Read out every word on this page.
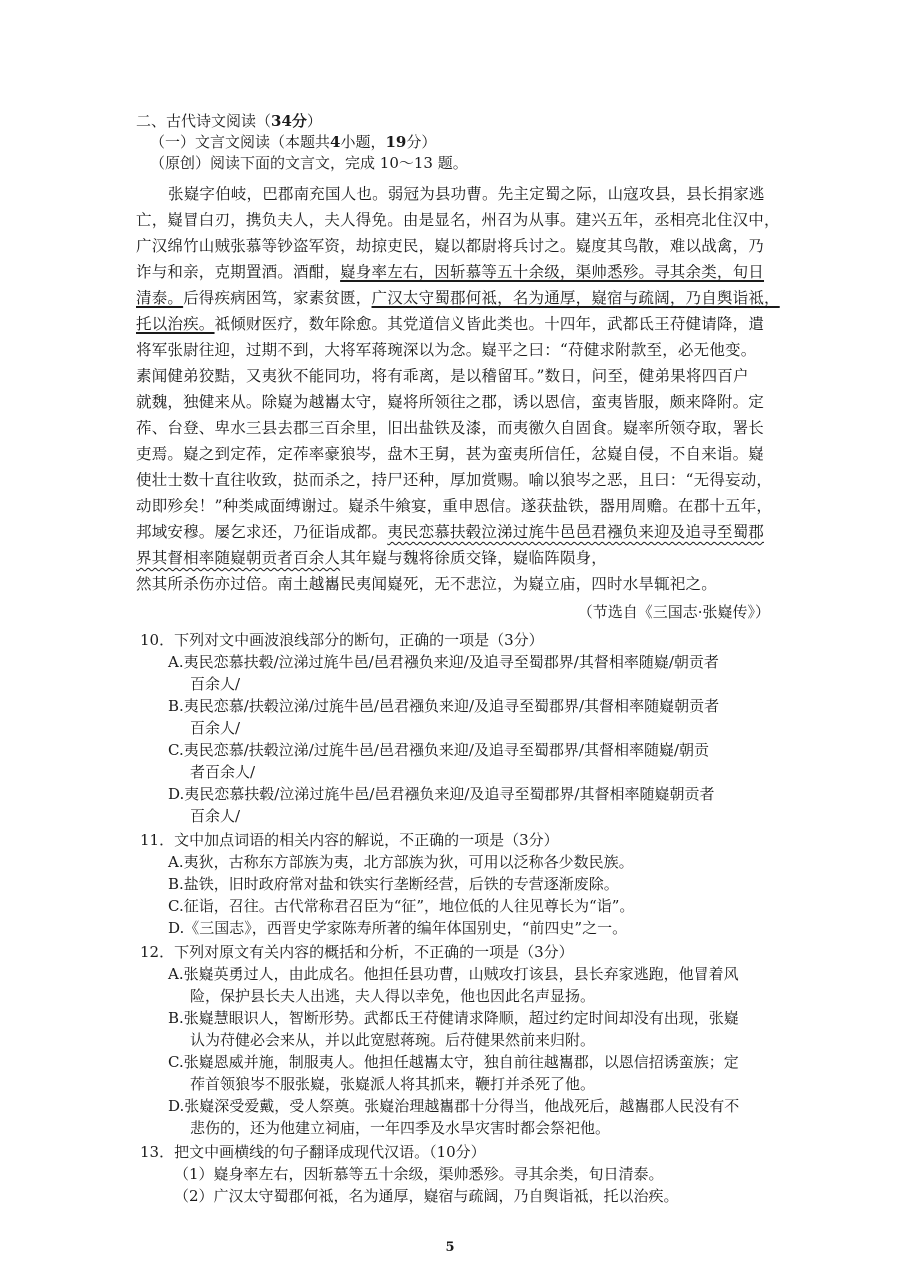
二、古代诗文阅读（34分）
（一）文言文阅读（本题共4小题，19分）
（原创）阅读下面的文言文，完成 10～13 题。
张嶷字伯岐，巴郡南充国人也。弱冠为县功曹。先主定蜀之际，山寇攻县，县长捐家逃
亡，嶷冒白刃，携负夫人，夫人得免。由是显名，州召为从事。建兴五年，丞相亮北住汉中，
广汉绵竹山贼张慕等钞盗军资，劫掠吏民，嶷以都尉将兵讨之。嶷度其鸟散，难以战禽，乃
诈与和亲，克期置酒。酒酣，嶷身率左右，因斩慕等五十余级，渠帅悉殄。寻其余类，旬日
清泰。后得疾病困笃，家素贫匮，广汉太守蜀郡何祗，名为通厚，嶷宿与疏阔，乃自舆诣祗，
托以治疾。祗倾财医疗，数年除愈。其党道信义皆此类也。十四年，武都氐王苻健请降，遣
将军张尉往迎，过期不到，大将军蒋琬深以为念。嶷平之曰：“苻健求附款至，必无他变。
素闻健弟狡黠，又夷狄不能同功，将有乖离，是以稽留耳。”数日，问至，健弟果将四百户
就魏，独健来从。除嶷为越巂太守，嶷将所领往之郡，诱以恩信，蛮夷皆服，颇来降附。定
莋、台登、卑水三县去郡三百余里，旧出盐铁及漆，而夷徼久自固食。嶷率所领夺取，署长
吏焉。嶷之到定莋，定莋率豪狼岑，盘木王舅，甚为蛮夷所信任，忿嶷自侵，不自来诣。嶷
使壮士数十直往收致，挞而杀之，持尸还种，厚加赏赐。喻以狼岑之恶，且曰：“无得妄动，
动即殄矣！”种类咸面缚谢过。嶷杀牛飨宴，重申恩信。遂获盐铁，器用周赡。在郡十五年，
邦域安穆。屡乞求还，乃征诣成都。夷民恋慕扶毂泣涕过旄牛邑邑君襁负来迎及追寻至蜀郡
界其督相率随嶷朝贡者百余人其年嶷与魏将徐质交锋，嶷临阵陨身，
然其所杀伤亦过倍。南土越巂民夷闻嶷死，无不悲泣，为嶷立庙，四时水旱辄祀之。
（节选自《三国志·张嶷传》）
10．下列对文中画波浪线部分的断句，正确的一项是（3分）
A.夷民恋慕扶毂/泣涕过旄牛邑/邑君襁负来迎/及追寻至蜀郡界/其督相率随嶷/朝贡者
百余人/
B.夷民恋慕/扶毂泣涕/过旄牛邑/邑君襁负来迎/及追寻至蜀郡界/其督相率随嶷朝贡者
百余人/
C.夷民恋慕/扶毂泣涕/过旄牛邑/邑君襁负来迎/及追寻至蜀郡界/其督相率随嶷/朝贡
者百余人/
D.夷民恋慕扶毂/泣涕过旄牛邑/邑君襁负来迎/及追寻至蜀郡界/其督相率随嶷朝贡者
百余人/
11．文中加点词语的相关内容的解说，不正确的一项是（3分）
A.夷狄，古称东方部族为夷，北方部族为狄，可用以泛称各少数民族。
B.盐铁，旧时政府常对盐和铁实行垄断经营，后铁的专营逐渐废除。
C.征诣，召往。古代常称君召臣为“征”，地位低的人往见尊长为“诣”。
D.《三国志》，西晋史学家陈寿所著的编年体国别史，“前四史”之一。
12．下列对原文有关内容的概括和分析，不正确的一项是（3分）
A.张嶷英勇过人，由此成名。他担任县功曹，山贼攻打该县，县长弃家逃跑，他冒着风
险，保护县长夫人出逃，夫人得以幸免，他也因此名声显扬。
B.张嶷慧眼识人，智断形势。武都氐王苻健请求降顺，超过约定时间却没有出现，张嶷
认为苻健必会来从，并以此宽慰蒋琬。后苻健果然前来归附。
C.张嶷恩威并施，制服夷人。他担任越巂太守，独自前往越巂郡，以恩信招诱蛮族；定
莋首领狼岑不服张嶷，张嶷派人将其抓来，鞭打并杀死了他。
D.张嶷深受爱戴，受人祭奠。张嶷治理越巂郡十分得当，他战死后，越巂郡人民没有不
悲伤的，还为他建立祠庙，一年四季及水旱灾害时都会祭祀他。
13．把文中画横线的句子翻译成现代汉语。（10分）
（1）嶷身率左右，因斩慕等五十余级，渠帅悉殄。寻其余类，旬日清泰。
（2）广汉太守蜀郡何祗，名为通厚，嶷宿与疏阔，乃自舆诣祗，托以治疾。
5
